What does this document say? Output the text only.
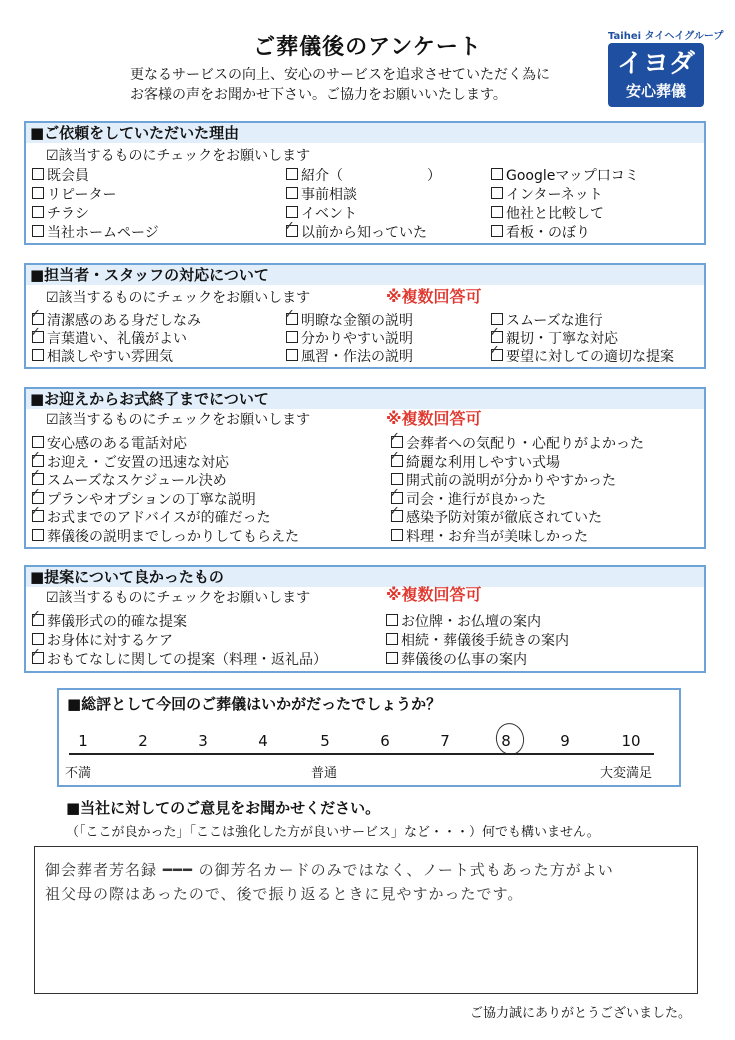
ご葬儀後のアンケート
更なるサービスの向上、安心のサービスを追求させていただく為に
お客様の声をお聞かせ下さい。ご協力をお願いいたします。
Taihei タイヘイグループ
イヨダ
安心葬儀
■ご依頼をしていただいた理由
☑該当するものにチェックをお願いします
既会員
リピーター
チラシ
当社ホームページ
紹介（　　　　　　）
事前相談
イベント
✓ 以前から知っていた
Googleマップ口コミ
インターネット
他社と比較して
看板・のぼり
■担当者・スタッフの対応について
☑該当するものにチェックをお願いします	※複数回答可
✓ 清潔感のある身だしなみ
✓ 言葉遣い、礼儀がよい
相談しやすい雰囲気
✓ 明瞭な金額の説明
分かりやすい説明
風習・作法の説明
スムーズな進行
✓ 親切・丁寧な対応
✓ 要望に対しての適切な提案
■お迎えからお式終了までについて
☑該当するものにチェックをお願いします	※複数回答可
安心感のある電話対応
✓ お迎え・ご安置の迅速な対応
✓ スムーズなスケジュール決め
✓ プランやオプションの丁寧な説明
✓ お式までのアドバイスが的確だった
葬儀後の説明までしっかりしてもらえた
✓ 会葬者への気配り・心配りがよかった
✓ 綺麗な利用しやすい式場
開式前の説明が分かりやすかった
✓ 司会・進行が良かった
✓ 感染予防対策が徹底されていた
料理・お弁当が美味しかった
■提案について良かったもの
☑該当するものにチェックをお願いします	※複数回答可
✓ 葬儀形式の的確な提案
お身体に対するケア
✓ おもてなしに関しての提案（料理・返礼品）
お位牌・お仏壇の案内
相続・葬儀後手続きの案内
葬儀後の仏事の案内
■総評として今回のご葬儀はいかがだったでしょうか？
1	2	3	4	5	6	7	8	9	10
不満	普通	大変満足
■当社に対してのご意見をお聞かせください。
（「ここが良かった」「ここは強化した方が良いサービス」など・・・）何でも構いません。
御会葬者芳名録 ━━━ の御芳名カードのみではなく、ノート式もあった方がよい
祖父母の際はあったので、後で振り返るときに見やすかったです。
ご協力誠にありがとうございました。
